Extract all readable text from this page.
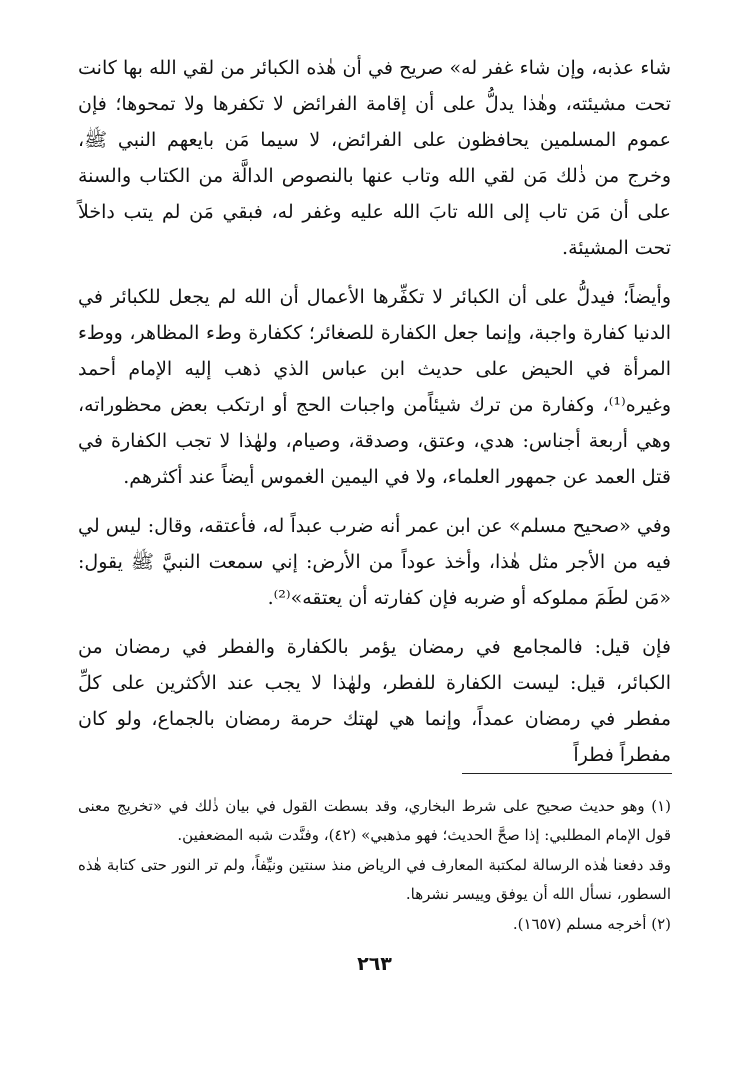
شاء عذبه، وإن شاء غفر له» صريح في أن هٰذه الكبائر من لقي الله بها كانت تحت مشيئته، وهٰذا يدلُّ على أن إقامة الفرائض لا تكفرها ولا تمحوها؛ فإن عموم المسلمين يحافظون على الفرائض، لا سيما مَن بايعهم النبي ﷺ، وخرج من ذٰلك مَن لقي الله وتاب عنها بالنصوص الدالَّة من الكتاب والسنة على أن مَن تاب إلى الله تابَ الله عليه وغفر له، فبقي مَن لم يتب داخلاً تحت المشيئة.

وأيضاً؛ فيدلُّ على أن الكبائر لا تكفِّرها الأعمال أن الله لم يجعل للكبائر في الدنيا كفارة واجبة، وإنما جعل الكفارة للصغائر؛ ككفارة وطء المظاهر، ووطء المرأة في الحيض على حديث ابن عباس الذي ذهب إليه الإمام أحمد وغيره⁽¹⁾، وكفارة من ترك شيئاًمن واجبات الحج أو ارتكب بعض محظوراته، وهي أربعة أجناس: هدي، وعتق، وصدقة، وصيام، ولهٰذا لا تجب الكفارة في قتل العمد عن جمهور العلماء، ولا في اليمين الغموس أيضاً عند أكثرهم.

وفي «صحيح مسلم» عن ابن عمر أنه ضرب عبداً له، فأعتقه، وقال: ليس لي فيه من الأجر مثل هٰذا، وأخذ عوداً من الأرض: إني سمعت النبيَّ ﷺ يقول: «مَن لطَمَ مملوكه أو ضربه فإن كفارته أن يعتقه»⁽²⁾.

فإن قيل: فالمجامع في رمضان يؤمر بالكفارة والفطر في رمضان من الكبائر، قيل: ليست الكفارة للفطر، ولهٰذا لا يجب عند الأكثرين على كلِّ مفطر في رمضان عمداً، وإنما هي لهتك حرمة رمضان بالجماع، ولو كان مفطراً فطراً

(١) وهو حديث صحيح على شرط البخاري، وقد بسطت القول في بيان ذٰلك في «تخريج معنى قول الإمام المطلبي: إذا صحَّ الحديث؛ فهو مذهبي» (٤٢)، وفنَّدت شبه المضعفين.

وقد دفعنا هٰذه الرسالة لمكتبة المعارف في الرياض منذ سنتين ونيِّفاً، ولم تر النور حتى كتابة هٰذه السطور، نسأل الله أن يوفق وييسر نشرها.

(٢) أخرجه مسلم (١٦٥٧).

٢٦٣
